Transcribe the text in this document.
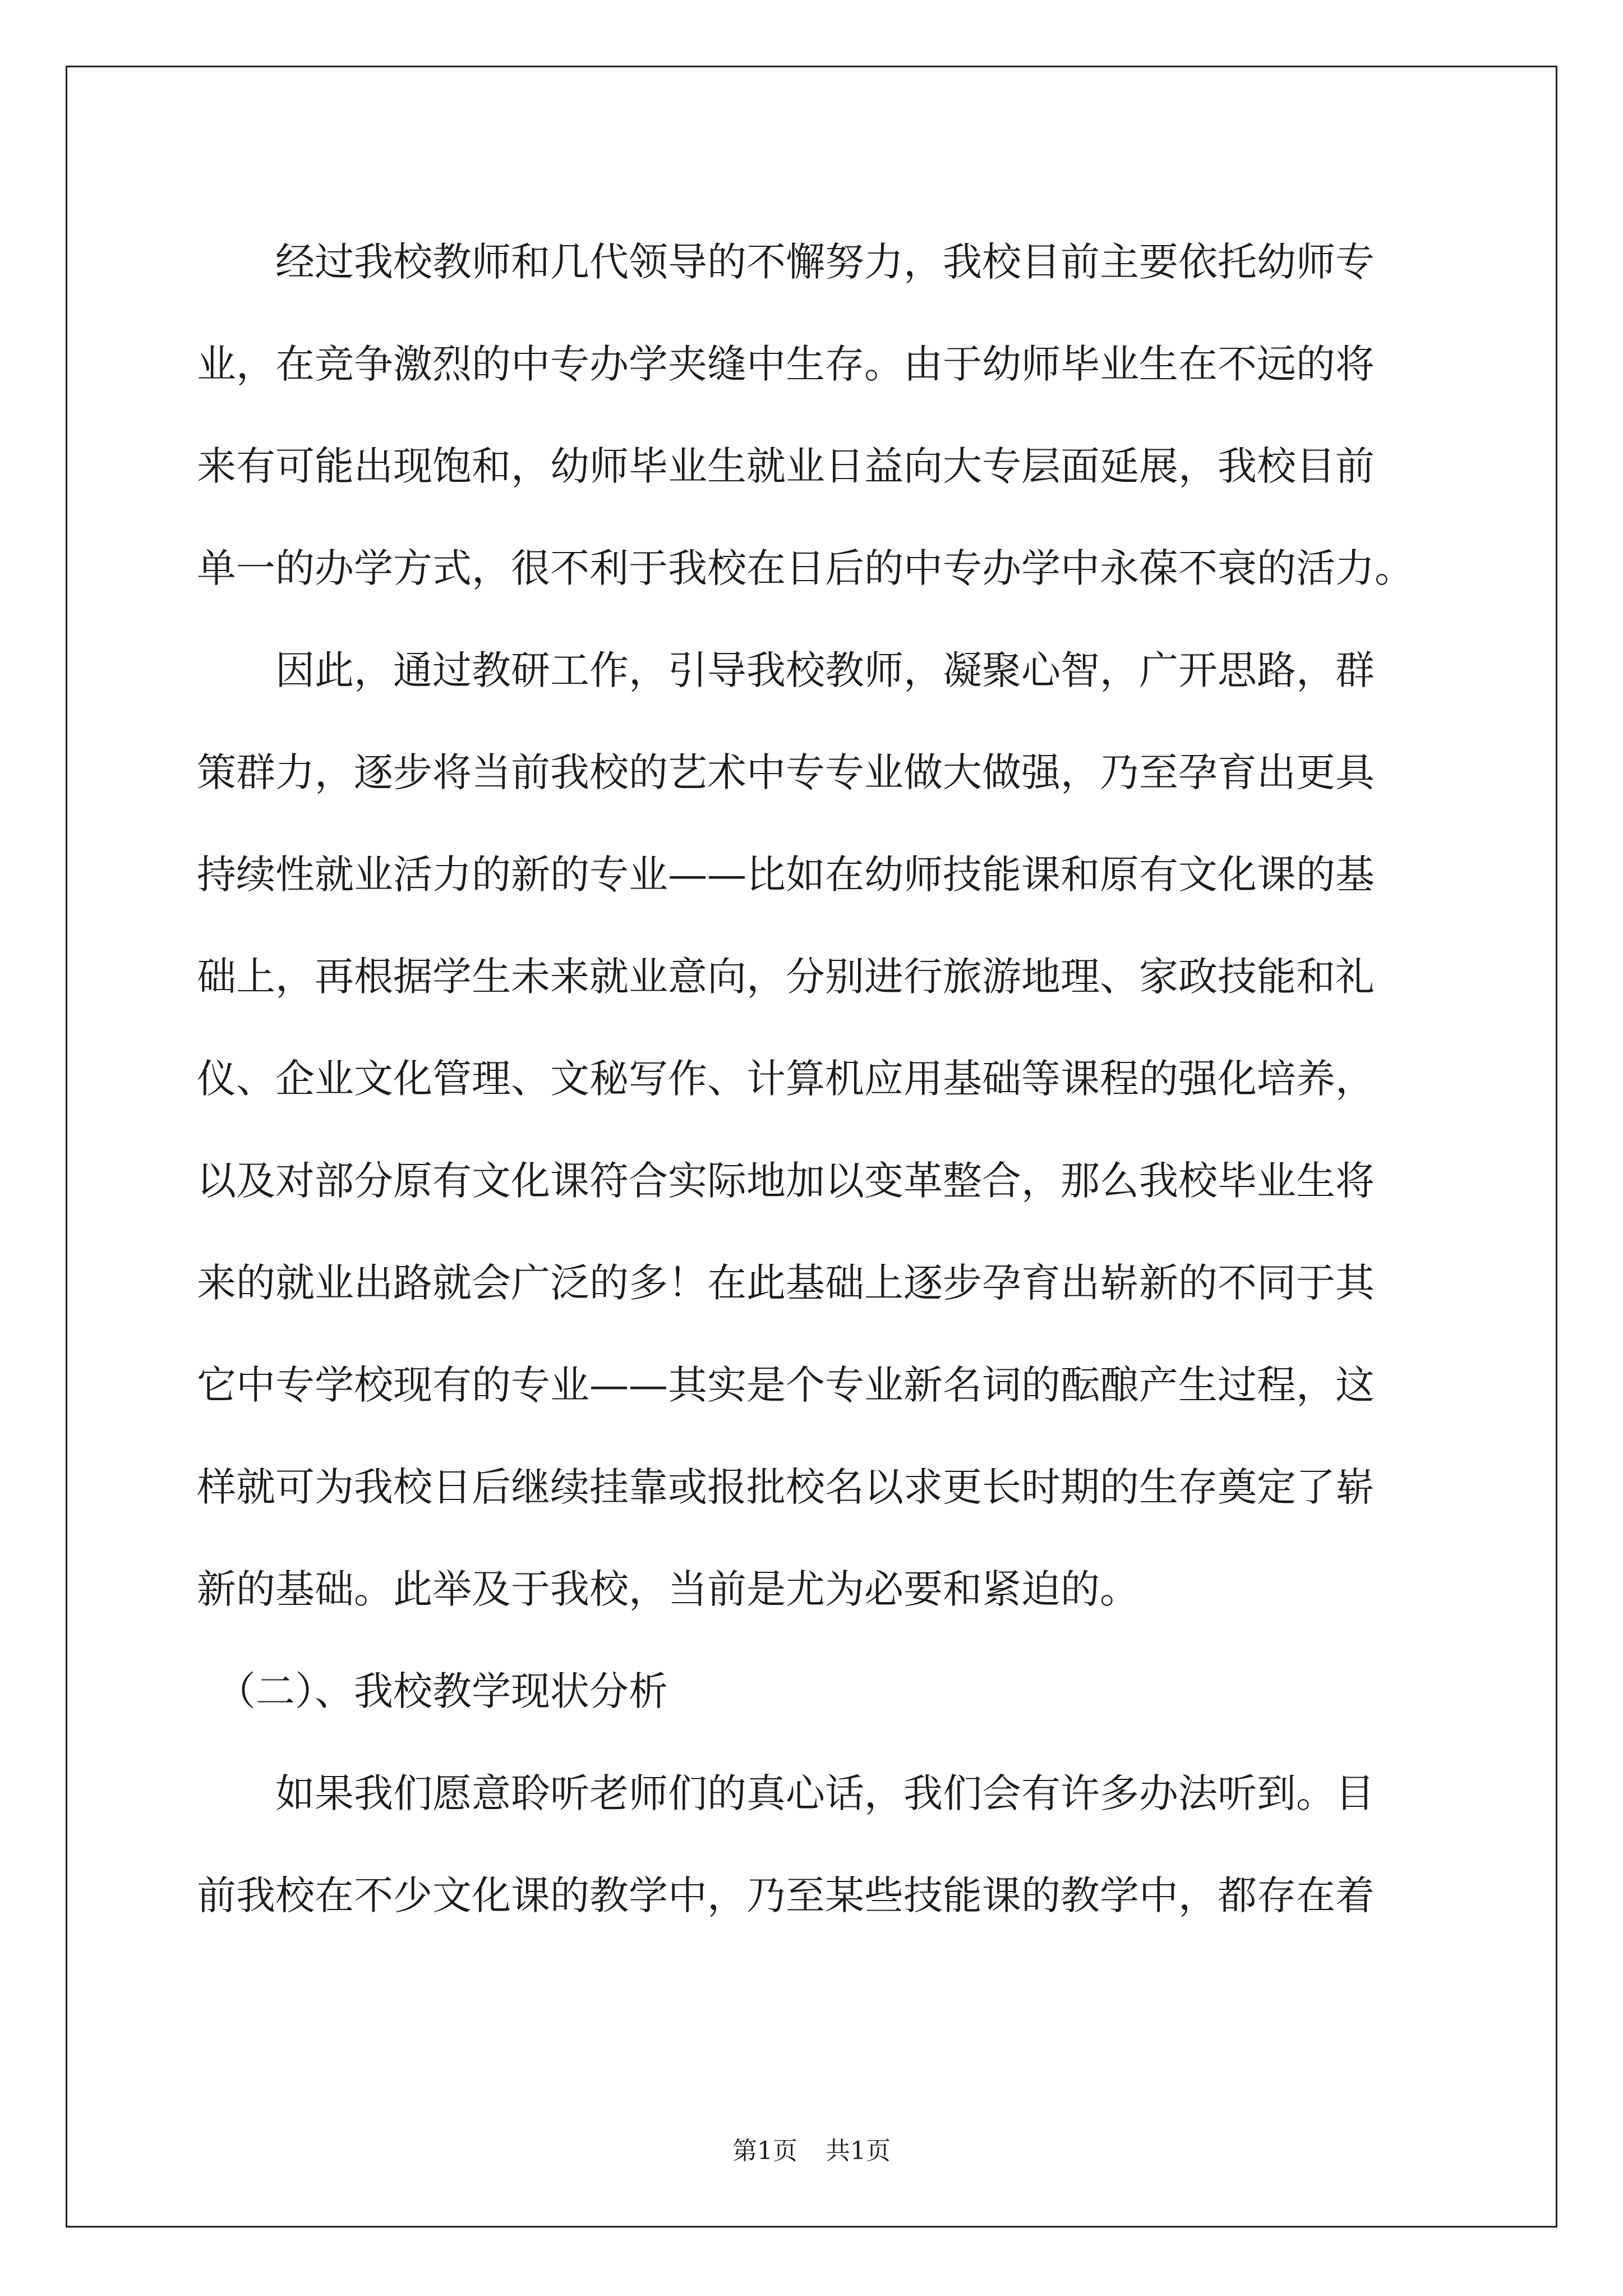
　　经过我校教师和几代领导的不懈努力，我校目前主要依托幼师专
业，在竞争激烈的中专办学夹缝中生存。由于幼师毕业生在不远的将
来有可能出现饱和，幼师毕业生就业日益向大专层面延展，我校目前
单一的办学方式，很不利于我校在日后的中专办学中永葆不衰的活力。
　　因此，通过教研工作，引导我校教师，凝聚心智，广开思路，群
策群力，逐步将当前我校的艺术中专专业做大做强，乃至孕育出更具
持续性就业活力的新的专业——比如在幼师技能课和原有文化课的基
础上，再根据学生未来就业意向，分别进行旅游地理、家政技能和礼
仪、企业文化管理、文秘写作、计算机应用基础等课程的强化培养，
以及对部分原有文化课符合实际地加以变革整合，那么我校毕业生将
来的就业出路就会广泛的多！在此基础上逐步孕育出崭新的不同于其
它中专学校现有的专业——其实是个专业新名词的酝酿产生过程，这
样就可为我校日后继续挂靠或报批校名以求更长时期的生存奠定了崭
新的基础。此举及于我校，当前是尤为必要和紧迫的。
　（二）、我校教学现状分析
　　如果我们愿意聆听老师们的真心话，我们会有许多办法听到。目
前我校在不少文化课的教学中，乃至某些技能课的教学中，都存在着
第1页 共1页
